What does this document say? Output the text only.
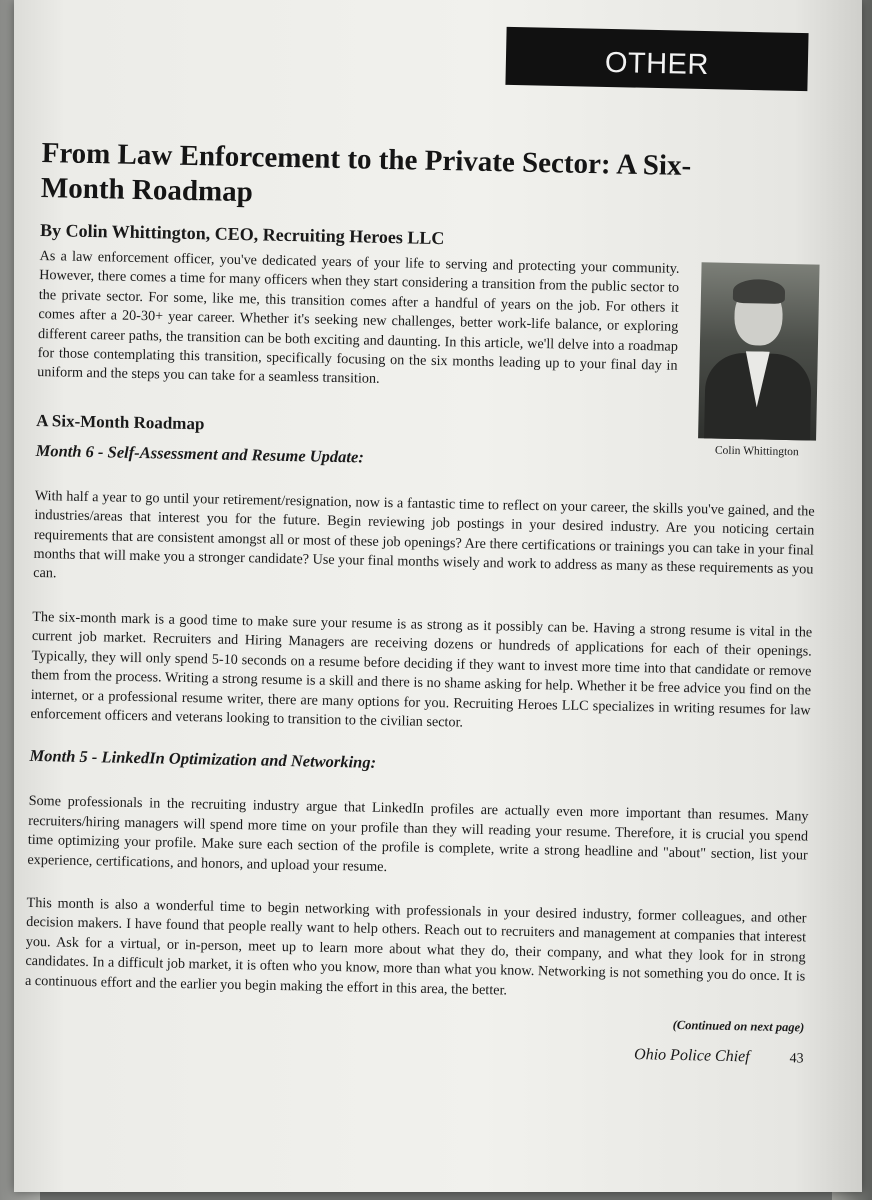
OTHER
From Law Enforcement to the Private Sector: A Six-Month Roadmap
By Colin Whittington, CEO, Recruiting Heroes LLC

As a law enforcement officer, you've dedicated years of your life to serving and protecting your community. However, there comes a time for many officers when they start considering a transition from the public sector to the private sector. For some, like me, this transition comes after a handful of years on the job. For others it comes after a 20-30+ year career. Whether it's seeking new challenges, better work-life balance, or exploring different career paths, the transition can be both exciting and daunting. In this article, we'll delve into a roadmap for those contemplating this transition, specifically focusing on the six months leading up to your final day in uniform and the steps you can take for a seamless transition.

Colin Whittington
A Six-Month Roadmap
Month 6 - Self-Assessment and Resume Update:

With half a year to go until your retirement/resignation, now is a fantastic time to reflect on your career, the skills you've gained, and the industries/areas that interest you for the future. Begin reviewing job postings in your desired industry. Are you noticing certain requirements that are consistent amongst all or most of these job openings? Are there certifications or trainings you can take in your final months that will make you a stronger candidate? Use your final months wisely and work to address as many as these requirements as you can.

The six-month mark is a good time to make sure your resume is as strong as it possibly can be. Having a strong resume is vital in the current job market. Recruiters and Hiring Managers are receiving dozens or hundreds of applications for each of their openings. Typically, they will only spend 5-10 seconds on a resume before deciding if they want to invest more time into that candidate or remove them from the process. Writing a strong resume is a skill and there is no shame asking for help. Whether it be free advice you find on the internet, or a professional resume writer, there are many options for you. Recruiting Heroes LLC specializes in writing resumes for law enforcement officers and veterans looking to transition to the civilian sector.

Month 5 - LinkedIn Optimization and Networking:

Some professionals in the recruiting industry argue that LinkedIn profiles are actually even more important than resumes. Many recruiters/hiring managers will spend more time on your profile than they will reading your resume. Therefore, it is crucial you spend time optimizing your profile. Make sure each section of the profile is complete, write a strong headline and "about" section, list your experience, certifications, and honors, and upload your resume.

This month is also a wonderful time to begin networking with professionals in your desired industry, former colleagues, and other decision makers. I have found that people really want to help others. Reach out to recruiters and management at companies that interest you. Ask for a virtual, or in-person, meet up to learn more about what they do, their company, and what they look for in strong candidates. In a difficult job market, it is often who you know, more than what you know. Networking is not something you do once. It is a continuous effort and the earlier you begin making the effort in this area, the better.

(Continued on next page)
Ohio Police Chief	43
